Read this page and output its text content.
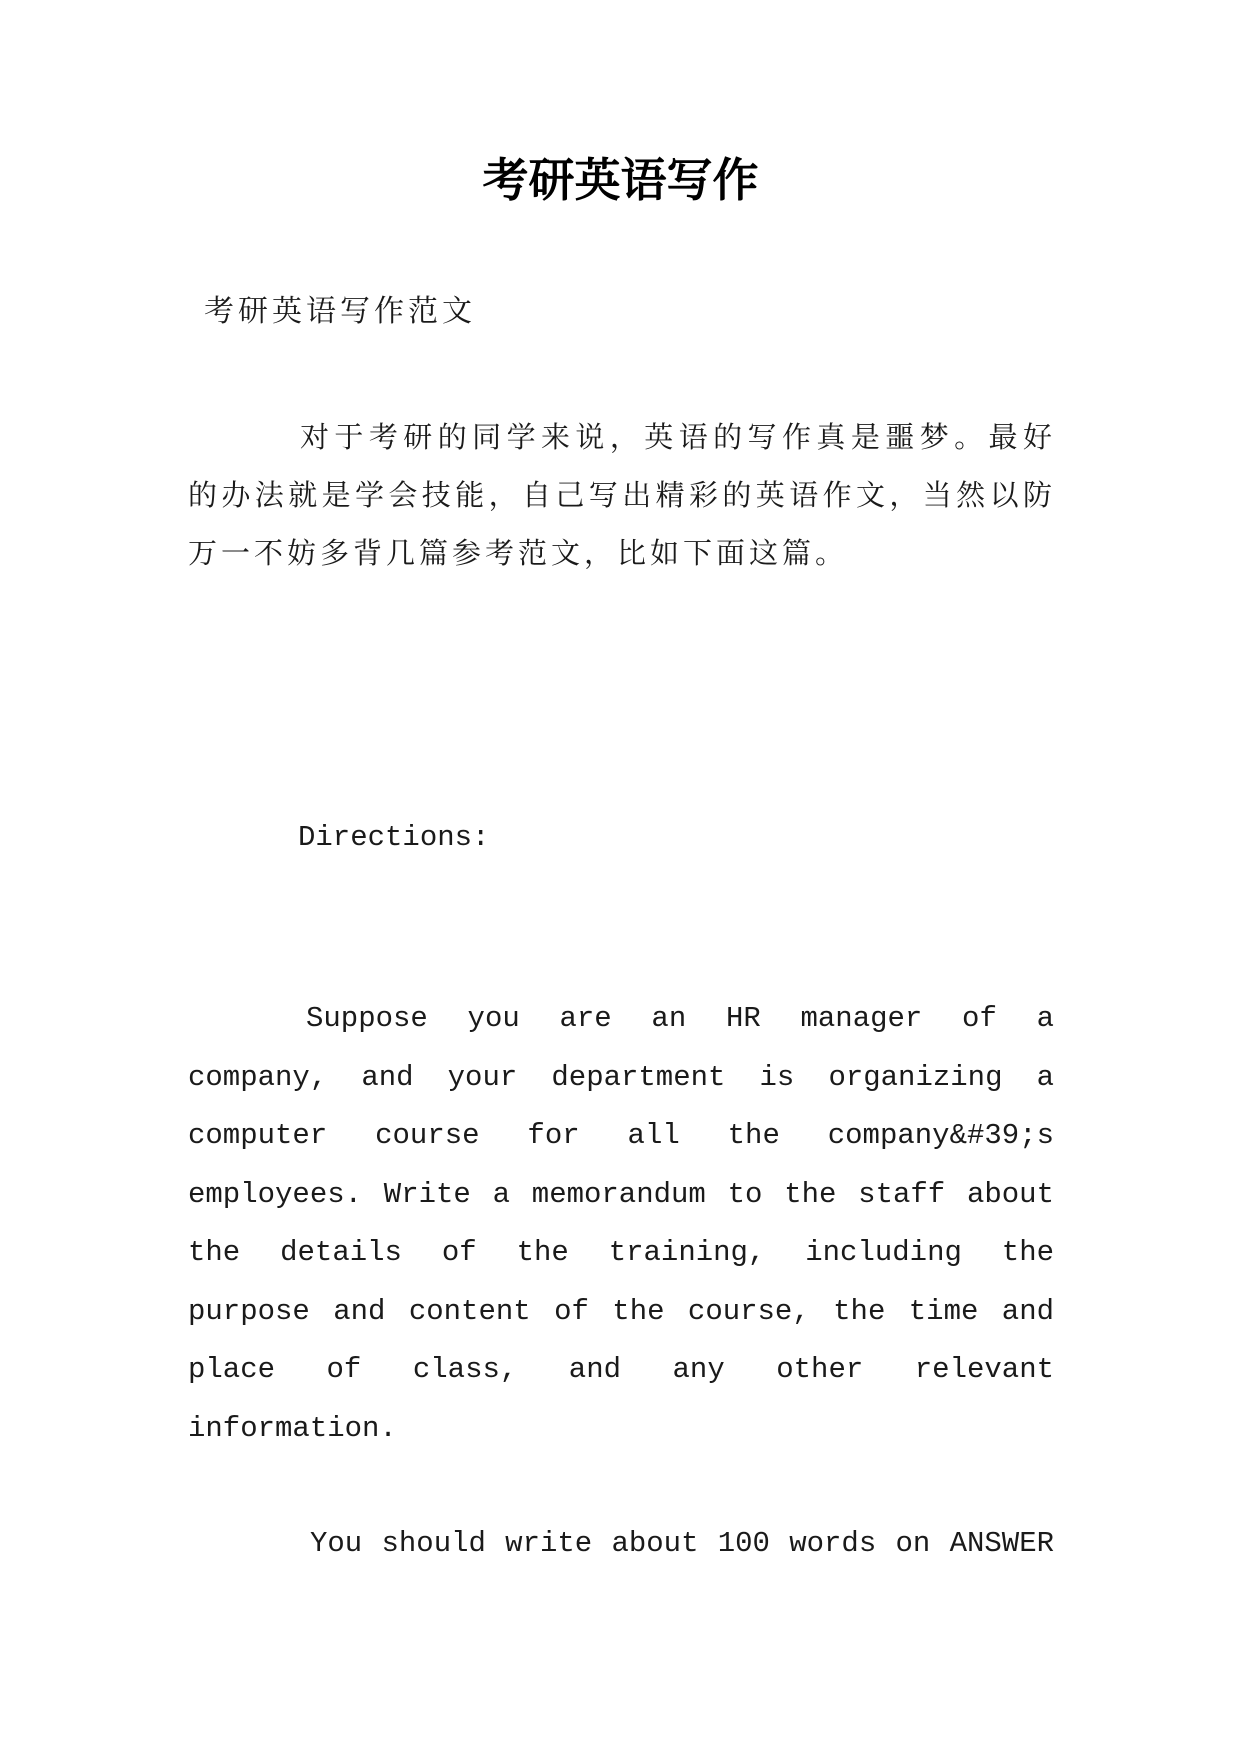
考研英语写作

考研英语写作范文

对于考研的同学来说，英语的写作真是噩梦。最好的办法就是学会技能，自己写出精彩的英语作文，当然以防万一不妨多背几篇参考范文，比如下面这篇。

Directions:

Suppose you are an HR manager of a company, and your department is organizing a computer course for all the company&#39;s employees. Write a memorandum to the staff about the details of the training, including the purpose and content of the course, the time and place of class, and any other relevant information.

You should write about 100 words on ANSWER
